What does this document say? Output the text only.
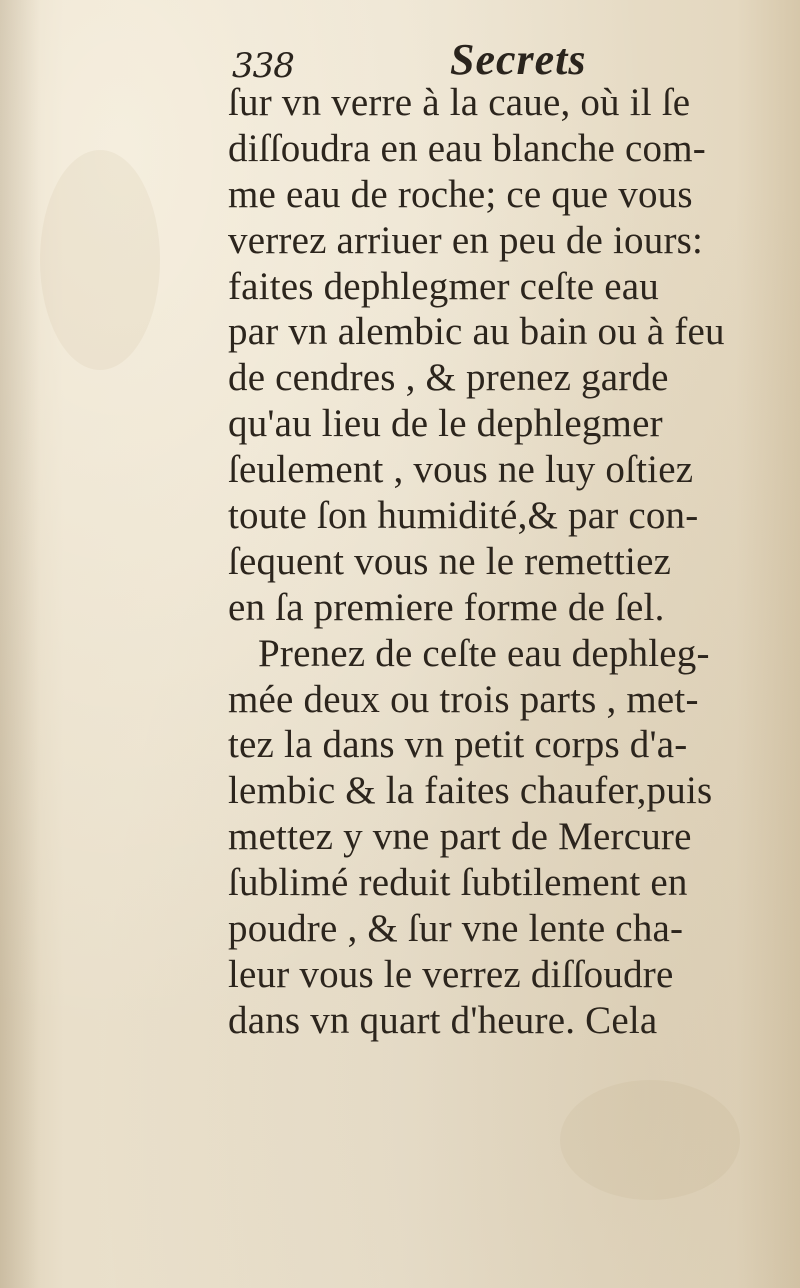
338	Secrets
ſur vn verre à la caue, où il ſe
diſſoudra en eau blanche com-
me eau de roche; ce que vous
verrez arriuer en peu de iours:
faites dephlegmer ceſte eau
par vn alembic au bain ou à feu
de cendres , & prenez garde
qu'au lieu de le dephlegmer
ſeulement , vous ne luy oſtiez
toute ſon humidité,& par con-
ſequent vous ne le remettiez
en ſa premiere forme de ſel.
Prenez de ceſte eau dephleg-
mée deux ou trois parts , met-
tez la dans vn petit corps d'a-
lembic & la faites chaufer,puis
mettez y vne part de Mercure
ſublimé reduit ſubtilement en
poudre , & ſur vne lente cha-
leur vous le verrez diſſoudre
dans vn quart d'heure. Cela
